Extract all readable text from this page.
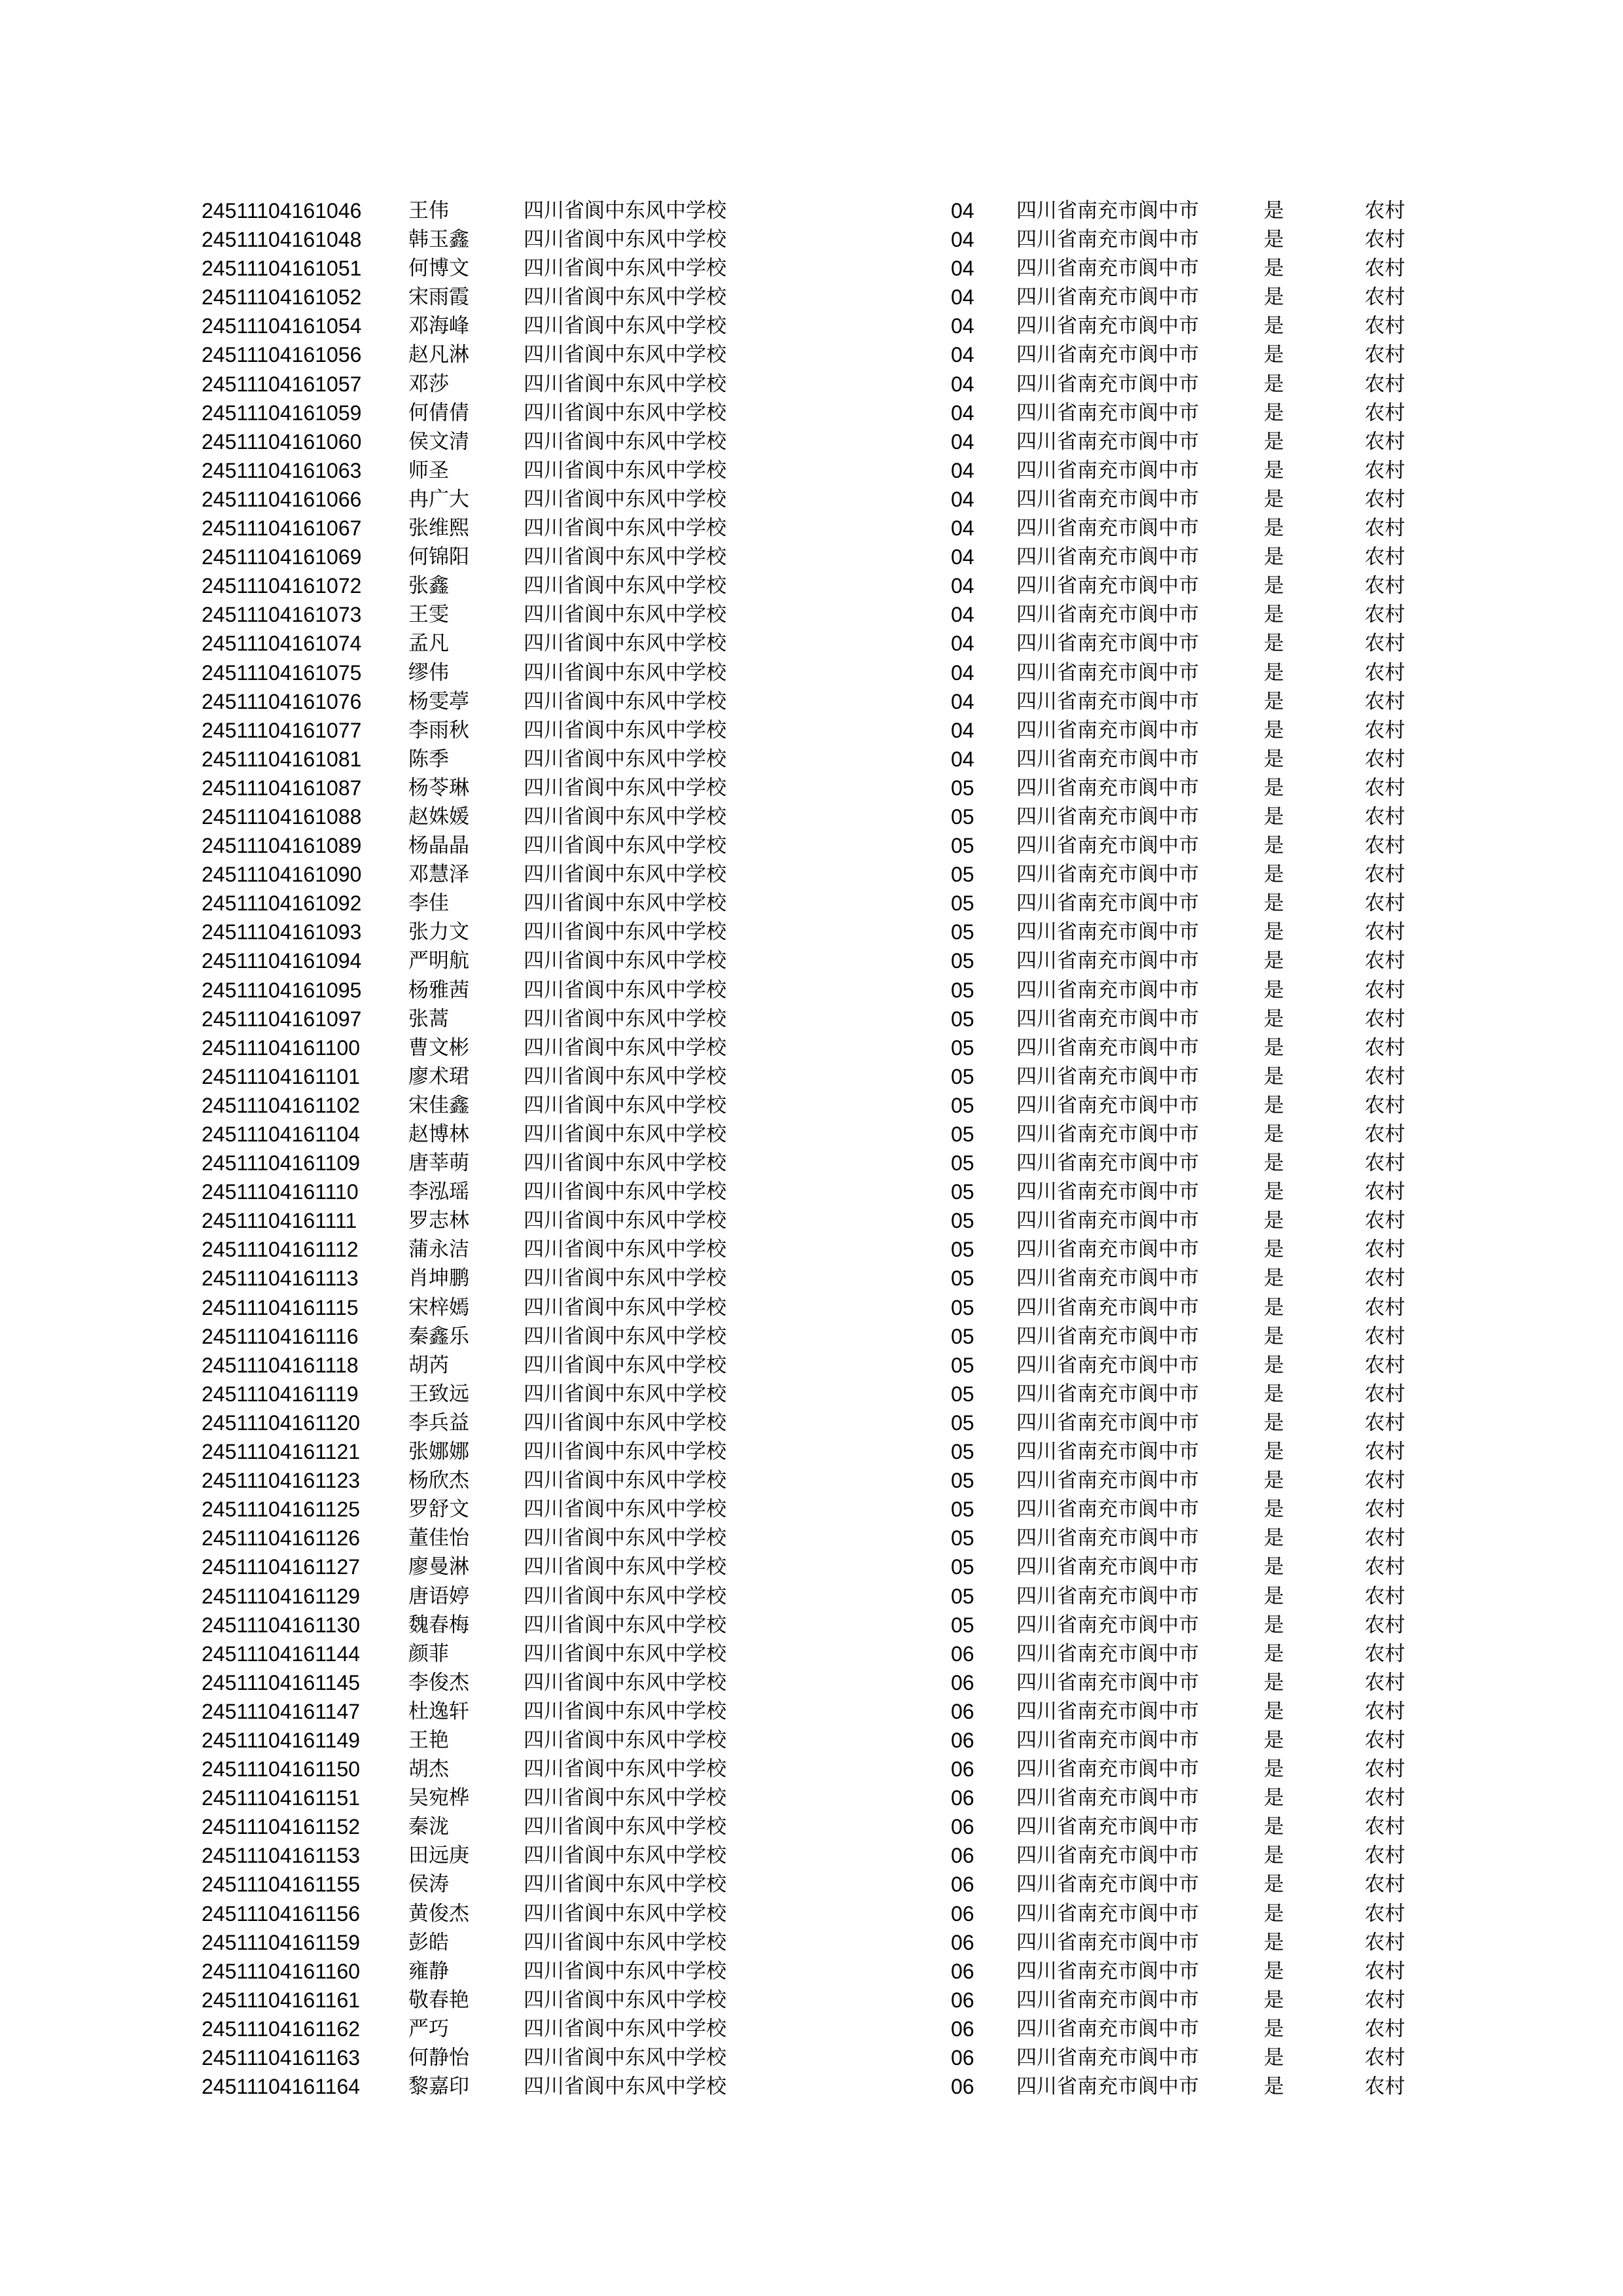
24511104161046 王伟	四川省阆中东风中学校	04 四川省南充市阆中市	是	农村
24511104161048 韩玉鑫	四川省阆中东风中学校	04 四川省南充市阆中市	是	农村
24511104161051 何博文	四川省阆中东风中学校	04 四川省南充市阆中市	是	农村
24511104161052 宋雨霞	四川省阆中东风中学校	04 四川省南充市阆中市	是	农村
24511104161054 邓海峰	四川省阆中东风中学校	04 四川省南充市阆中市	是	农村
24511104161056 赵凡淋	四川省阆中东风中学校	04 四川省南充市阆中市	是	农村
24511104161057 邓莎	四川省阆中东风中学校	04 四川省南充市阆中市	是	农村
24511104161059 何倩倩	四川省阆中东风中学校	04 四川省南充市阆中市	是	农村
24511104161060 侯文清	四川省阆中东风中学校	04 四川省南充市阆中市	是	农村
24511104161063 师圣	四川省阆中东风中学校	04 四川省南充市阆中市	是	农村
24511104161066 冉广大	四川省阆中东风中学校	04 四川省南充市阆中市	是	农村
24511104161067 张维熙	四川省阆中东风中学校	04 四川省南充市阆中市	是	农村
24511104161069 何锦阳	四川省阆中东风中学校	04 四川省南充市阆中市	是	农村
24511104161072 张鑫	四川省阆中东风中学校	04 四川省南充市阆中市	是	农村
24511104161073 王雯	四川省阆中东风中学校	04 四川省南充市阆中市	是	农村
24511104161074 孟凡	四川省阆中东风中学校	04 四川省南充市阆中市	是	农村
24511104161075 缪伟	四川省阆中东风中学校	04 四川省南充市阆中市	是	农村
24511104161076 杨雯葶	四川省阆中东风中学校	04 四川省南充市阆中市	是	农村
24511104161077 李雨秋	四川省阆中东风中学校	04 四川省南充市阆中市	是	农村
24511104161081 陈季	四川省阆中东风中学校	04 四川省南充市阆中市	是	农村
24511104161087 杨苓琳	四川省阆中东风中学校	05 四川省南充市阆中市	是	农村
24511104161088 赵姝媛	四川省阆中东风中学校	05 四川省南充市阆中市	是	农村
24511104161089 杨晶晶	四川省阆中东风中学校	05 四川省南充市阆中市	是	农村
24511104161090 邓慧泽	四川省阆中东风中学校	05 四川省南充市阆中市	是	农村
24511104161092 李佳	四川省阆中东风中学校	05 四川省南充市阆中市	是	农村
24511104161093 张力文	四川省阆中东风中学校	05 四川省南充市阆中市	是	农村
24511104161094 严明航	四川省阆中东风中学校	05 四川省南充市阆中市	是	农村
24511104161095 杨雅茜	四川省阆中东风中学校	05 四川省南充市阆中市	是	农村
24511104161097 张蒿	四川省阆中东风中学校	05 四川省南充市阆中市	是	农村
24511104161100 曹文彬	四川省阆中东风中学校	05 四川省南充市阆中市	是	农村
24511104161101 廖术珺	四川省阆中东风中学校	05 四川省南充市阆中市	是	农村
24511104161102 宋佳鑫	四川省阆中东风中学校	05 四川省南充市阆中市	是	农村
24511104161104 赵博林	四川省阆中东风中学校	05 四川省南充市阆中市	是	农村
24511104161109 唐莘萌	四川省阆中东风中学校	05 四川省南充市阆中市	是	农村
24511104161110 李泓瑶	四川省阆中东风中学校	05 四川省南充市阆中市	是	农村
24511104161111	罗志林	四川省阆中东风中学校	05 四川省南充市阆中市	是	农村
24511104161112 蒲永洁	四川省阆中东风中学校	05 四川省南充市阆中市	是	农村
24511104161113 肖坤鹏	四川省阆中东风中学校	05 四川省南充市阆中市	是	农村
24511104161115 宋梓嫣	四川省阆中东风中学校	05 四川省南充市阆中市	是	农村
24511104161116 秦鑫乐	四川省阆中东风中学校	05 四川省南充市阆中市	是	农村
24511104161118 胡芮	四川省阆中东风中学校	05 四川省南充市阆中市	是	农村
24511104161119 王致远	四川省阆中东风中学校	05 四川省南充市阆中市	是	农村
24511104161120 李兵益	四川省阆中东风中学校	05 四川省南充市阆中市	是	农村
24511104161121 张娜娜	四川省阆中东风中学校	05 四川省南充市阆中市	是	农村
24511104161123 杨欣杰	四川省阆中东风中学校	05 四川省南充市阆中市	是	农村
24511104161125 罗舒文	四川省阆中东风中学校	05 四川省南充市阆中市	是	农村
24511104161126 董佳怡	四川省阆中东风中学校	05 四川省南充市阆中市	是	农村
24511104161127 廖曼淋	四川省阆中东风中学校	05 四川省南充市阆中市	是	农村
24511104161129 唐语婷	四川省阆中东风中学校	05 四川省南充市阆中市	是	农村
24511104161130 魏春梅	四川省阆中东风中学校	05 四川省南充市阆中市	是	农村
24511104161144 颜菲	四川省阆中东风中学校	06 四川省南充市阆中市	是	农村
24511104161145 李俊杰	四川省阆中东风中学校	06 四川省南充市阆中市	是	农村
24511104161147 杜逸轩	四川省阆中东风中学校	06 四川省南充市阆中市	是	农村
24511104161149 王艳	四川省阆中东风中学校	06 四川省南充市阆中市	是	农村
24511104161150 胡杰	四川省阆中东风中学校	06 四川省南充市阆中市	是	农村
24511104161151 吴宛桦	四川省阆中东风中学校	06 四川省南充市阆中市	是	农村
24511104161152 秦泷	四川省阆中东风中学校	06 四川省南充市阆中市	是	农村
24511104161153 田远庚	四川省阆中东风中学校	06 四川省南充市阆中市	是	农村
24511104161155 侯涛	四川省阆中东风中学校	06 四川省南充市阆中市	是	农村
24511104161156 黄俊杰	四川省阆中东风中学校	06 四川省南充市阆中市	是	农村
24511104161159 彭皓	四川省阆中东风中学校	06 四川省南充市阆中市	是	农村
24511104161160 雍静	四川省阆中东风中学校	06 四川省南充市阆中市	是	农村
24511104161161 敬春艳	四川省阆中东风中学校	06 四川省南充市阆中市	是	农村
24511104161162 严巧	四川省阆中东风中学校	06 四川省南充市阆中市	是	农村
24511104161163 何静怡	四川省阆中东风中学校	06 四川省南充市阆中市	是	农村
24511104161164 黎嘉印	四川省阆中东风中学校	06 四川省南充市阆中市	是	农村
